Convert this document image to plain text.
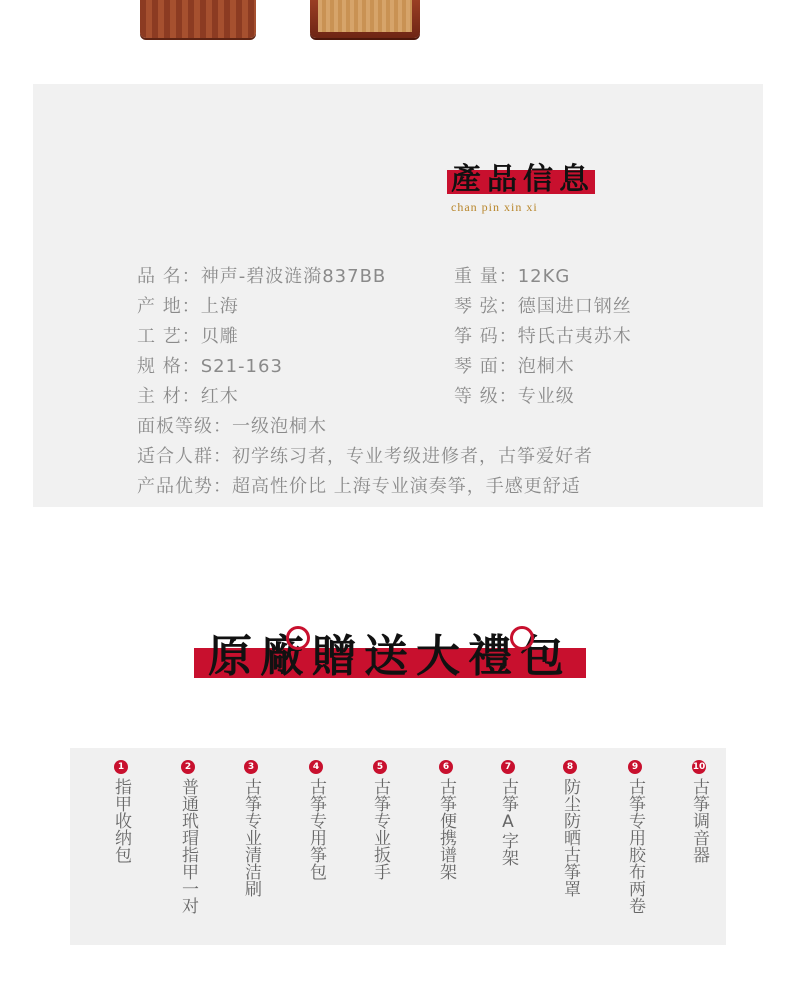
產品信息
chan pin xin xi
品 名：神声-碧波涟漪837BB
产 地：上海
工 艺：贝雕
规 格：S21-163
主 材：红木
面板等级：一级泡桐木
适合人群：初学练习者，专业考级进修者，古筝爱好者
产品优势：超高性价比 上海专业演奏筝，手感更舒适
重 量：12KG
琴 弦：德国进口钢丝
筝 码：特氏古夷苏木
琴 面：泡桐木
等 级：专业级
原廠贈送大禮包
1
指甲收纳包
2
普通玳瑁指甲一对
3
古筝专业清洁刷
4
古筝专用筝包
5
古筝专业扳手
6
古筝便携谱架
7
古筝A字架
8
防尘防晒古筝罩
9
古筝专用胶布两卷
10
古筝调音器
